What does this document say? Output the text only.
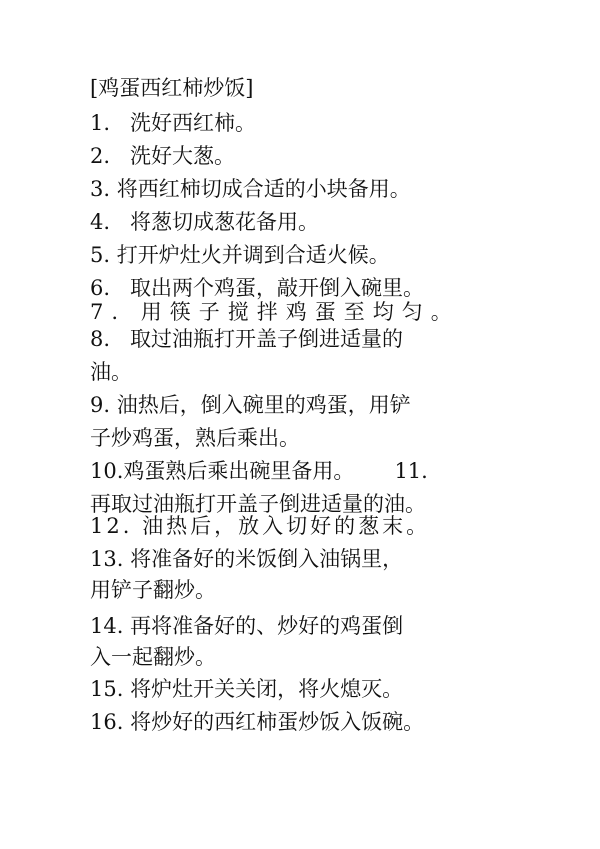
[鸡蛋西红柿炒饭]

1.   洗好西红柿。

2.   洗好大葱。

3. 将西红柿切成合适的小块备用。

4.   将葱切成葱花备用。

5. 打开炉灶火并调到合适火候。

6.   取出两个鸡蛋，敲开倒入碗里。

7. 用筷子搅拌鸡蛋至均匀。

8.   取过油瓶打开盖子倒进适量的

油。

9. 油热后，倒入碗里的鸡蛋，用铲

子炒鸡蛋，熟后乘出。

10.鸡蛋熟后乘出碗里备用。      11.

再取过油瓶打开盖子倒进适量的油。

12. 油热后，放入切好的葱末。

13. 将准备好的米饭倒入油锅里，

用铲子翻炒。

14. 再将准备好的、炒好的鸡蛋倒

入一起翻炒。

15. 将炉灶开关关闭，将火熄灭。

16. 将炒好的西红柿蛋炒饭入饭碗。
